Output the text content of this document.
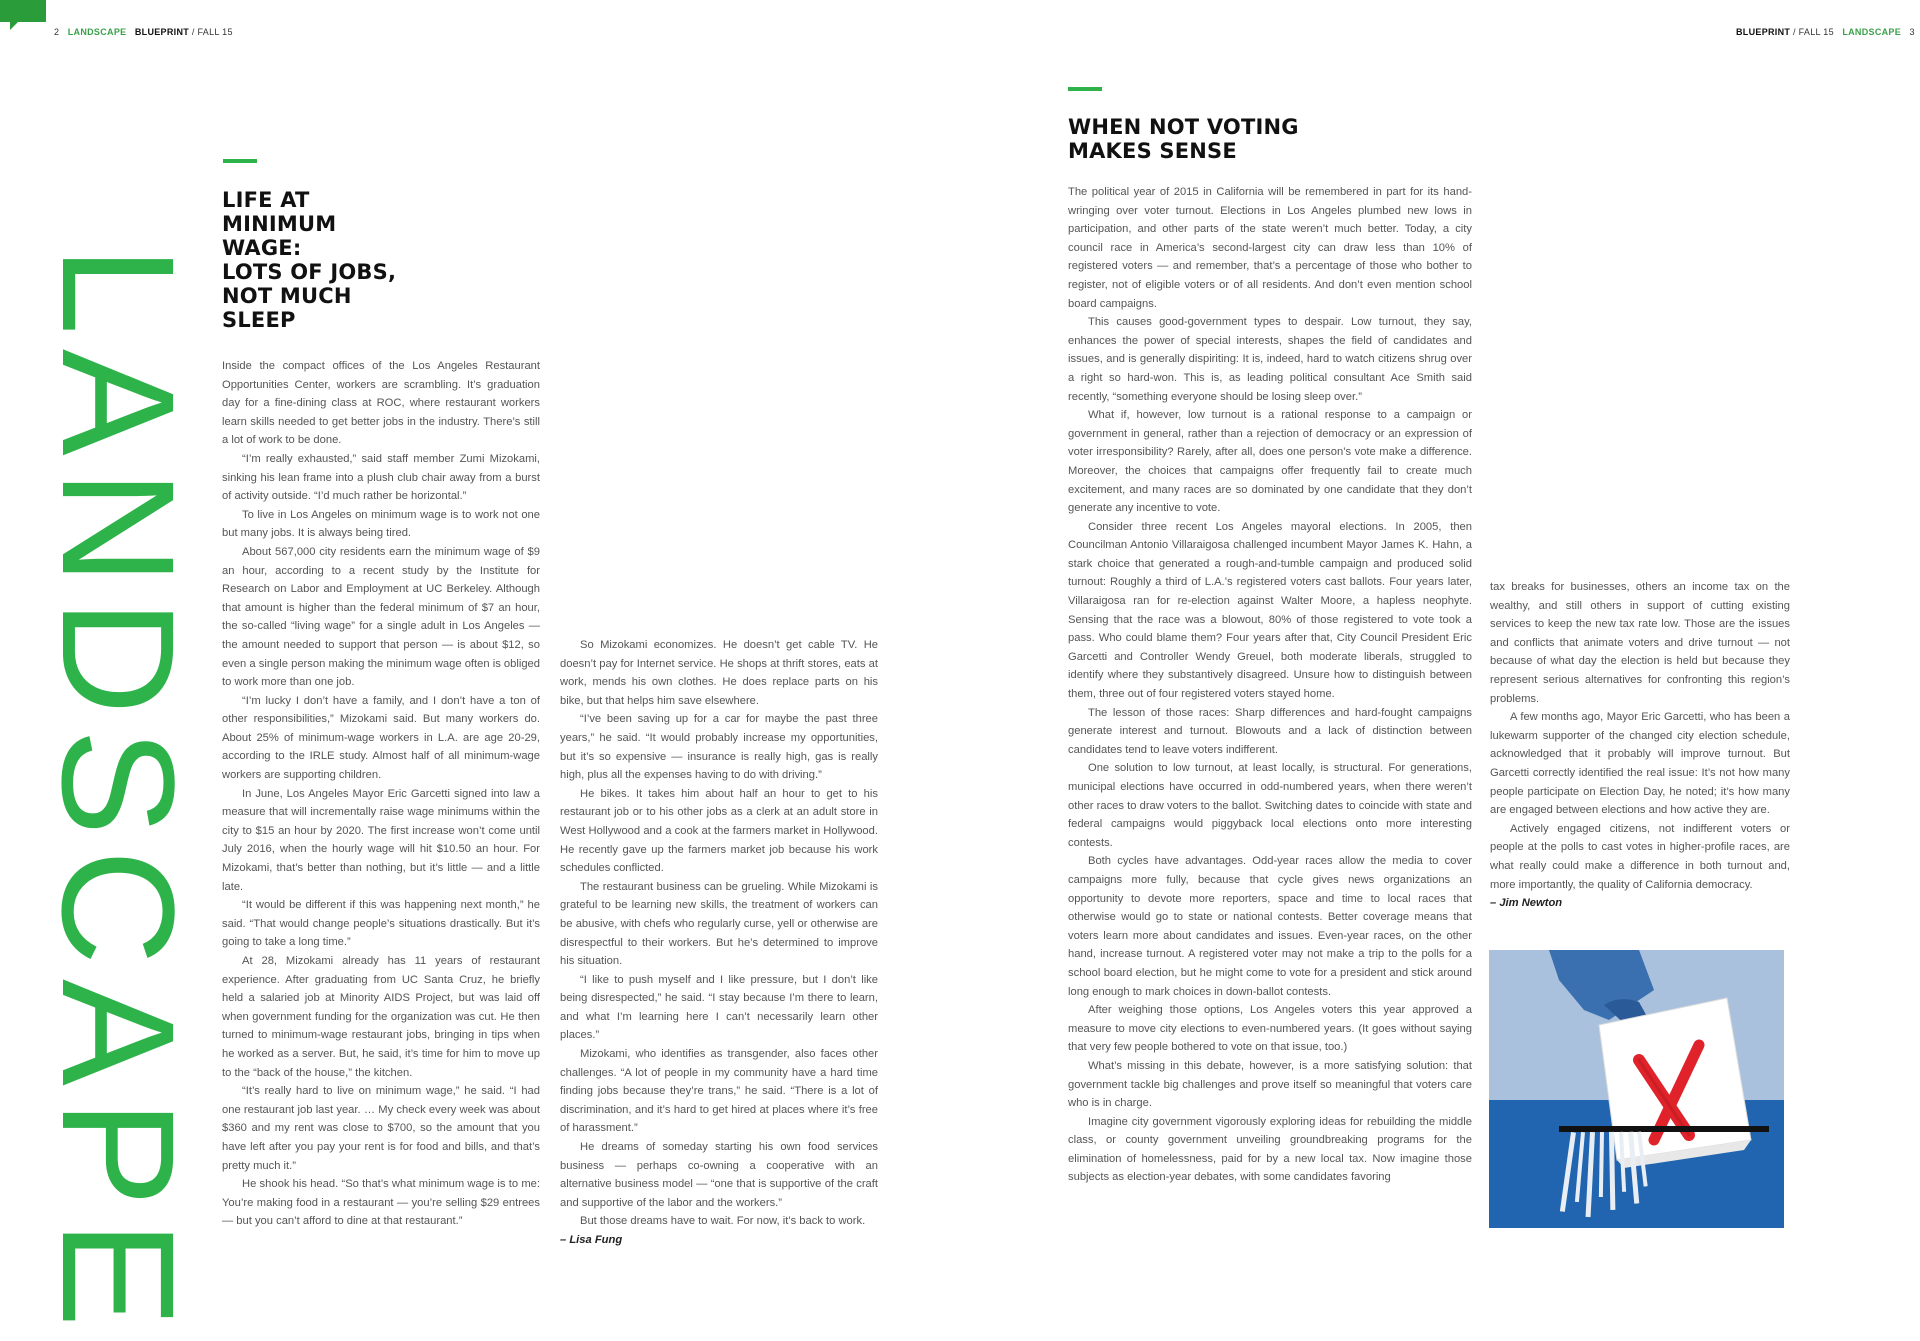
2 LANDSCAPE BLUEPRINT / FALL 15	BLUEPRINT / FALL 15 LANDSCAPE 3
LANDSCAPE
LIFE AT
MINIMUM
WAGE:
LOTS OF JOBS,
NOT MUCH
SLEEP

Inside the compact offices of the Los Angeles Restaurant Opportunities Center, workers are scrambling. It’s graduation day for a fine-dining class at ROC, where restaurant workers learn skills needed to get better jobs in the industry. There’s still a lot of work to be done.

“I’m really exhausted,” said staff member Zumi Mizokami, sinking his lean frame into a plush club chair away from a burst of activity outside. “I’d much rather be horizontal.”

To live in Los Angeles on minimum wage is to work not one but many jobs. It is always being tired.

About 567,000 city residents earn the minimum wage of $9 an hour, according to a recent study by the Institute for Research on Labor and Employment at UC Berkeley. Although that amount is higher than the federal minimum of $7 an hour, the so-called “living wage” for a single adult in Los Angeles — the amount needed to support that person — is about $12, so even a single person making the minimum wage often is obliged to work more than one job.

“I’m lucky I don’t have a family, and I don’t have a ton of other responsibilities,” Mizokami said. But many workers do. About 25% of minimum-wage workers in L.A. are age 20-29, according to the IRLE study. Almost half of all minimum-wage workers are supporting children.

In June, Los Angeles Mayor Eric Garcetti signed into law a measure that will incrementally raise wage minimums within the city to $15 an hour by 2020. The first increase won’t come until July 2016, when the hourly wage will hit $10.50 an hour. For Mizokami, that’s better than nothing, but it’s little — and a little late.

“It would be different if this was happening next month,” he said. “That would change people’s situations drastically. But it’s going to take a long time.”

At 28, Mizokami already has 11 years of restaurant experience. After graduating from UC Santa Cruz, he briefly held a salaried job at Minority AIDS Project, but was laid off when government funding for the organization was cut. He then turned to minimum-wage restaurant jobs, bringing in tips when he worked as a server. But, he said, it’s time for him to move up to the “back of the house,” the kitchen.

“It’s really hard to live on minimum wage,” he said. “I had one restaurant job last year. … My check every week was about $360 and my rent was close to $700, so the amount that you have left after you pay your rent is for food and bills, and that’s pretty much it.”

He shook his head. “So that’s what minimum wage is to me: You’re making food in a restaurant — you’re selling $29 entrees — but you can’t afford to dine at that restaurant.”

So Mizokami economizes. He doesn’t get cable TV. He doesn’t pay for Internet service. He shops at thrift stores, eats at work, mends his own clothes. He does replace parts on his bike, but that helps him save elsewhere.

“I’ve been saving up for a car for maybe the past three years,” he said. “It would probably increase my opportunities, but it’s so expensive — insurance is really high, gas is really high, plus all the expenses having to do with driving.”

He bikes. It takes him about half an hour to get to his restaurant job or to his other jobs as a clerk at an adult store in West Hollywood and a cook at the farmers market in Hollywood. He recently gave up the farmers market job because his work schedules conflicted.

The restaurant business can be grueling. While Mizokami is grateful to be learning new skills, the treatment of workers can be abusive, with chefs who regularly curse, yell or otherwise are disrespectful to their workers. But he’s determined to improve his situation.

“I like to push myself and I like pressure, but I don’t like being disrespected,” he said. “I stay because I’m there to learn, and what I’m learning here I can’t necessarily learn other places.”

Mizokami, who identifies as transgender, also faces other challenges. “A lot of people in my community have a hard time finding jobs because they’re trans,” he said. “There is a lot of discrimination, and it’s hard to get hired at places where it’s free of harassment.”

He dreams of someday starting his own food services business — perhaps co-owning a cooperative with an alternative business model — “one that is supportive of the craft and supportive of the labor and the workers.”

But those dreams have to wait. For now, it’s back to work.

– Lisa Fung

WHEN NOT VOTING
MAKES SENSE

The political year of 2015 in California will be remembered in part for its hand-wringing over voter turnout. Elections in Los Angeles plumbed new lows in participation, and other parts of the state weren’t much better. Today, a city council race in America’s second-largest city can draw less than 10% of registered voters — and remember, that’s a percentage of those who bother to register, not of eligible voters or of all residents. And don’t even mention school board campaigns.

This causes good-government types to despair. Low turnout, they say, enhances the power of special interests, shapes the field of candidates and issues, and is generally dispiriting: It is, indeed, hard to watch citizens shrug over a right so hard-won. This is, as leading political consultant Ace Smith said recently, “something everyone should be losing sleep over.”

What if, however, low turnout is a rational response to a campaign or government in general, rather than a rejection of democracy or an expression of voter irresponsibility? Rarely, after all, does one person’s vote make a difference. Moreover, the choices that campaigns offer frequently fail to create much excitement, and many races are so dominated by one candidate that they don’t generate any incentive to vote.

Consider three recent Los Angeles mayoral elections. In 2005, then Councilman Antonio Villaraigosa challenged incumbent Mayor James K. Hahn, a stark choice that generated a rough-and-tumble campaign and produced solid turnout: Roughly a third of L.A.’s registered voters cast ballots. Four years later, Villaraigosa ran for re-election against Walter Moore, a hapless neophyte. Sensing that the race was a blowout, 80% of those registered to vote took a pass. Who could blame them? Four years after that, City Council President Eric Garcetti and Controller Wendy Greuel, both moderate liberals, struggled to identify where they substantively disagreed. Unsure how to distinguish between them, three out of four registered voters stayed home.

The lesson of those races: Sharp differences and hard-fought campaigns generate interest and turnout. Blowouts and a lack of distinction between candidates tend to leave voters indifferent.

One solution to low turnout, at least locally, is structural. For generations, municipal elections have occurred in odd-numbered years, when there weren’t other races to draw voters to the ballot. Switching dates to coincide with state and federal campaigns would piggyback local elections onto more interesting contests.

Both cycles have advantages. Odd-year races allow the media to cover campaigns more fully, because that cycle gives news organizations an opportunity to devote more reporters, space and time to local races that otherwise would go to state or national contests. Better coverage means that voters learn more about candidates and issues. Even-year races, on the other hand, increase turnout. A registered voter may not make a trip to the polls for a school board election, but he might come to vote for a president and stick around long enough to mark choices in down-ballot contests.

After weighing those options, Los Angeles voters this year approved a measure to move city elections to even-numbered years. (It goes without saying that very few people bothered to vote on that issue, too.)

What’s missing in this debate, however, is a more satisfying solution: that government tackle big challenges and prove itself so meaningful that voters care who is in charge.

Imagine city government vigorously exploring ideas for rebuilding the middle class, or county government unveiling groundbreaking programs for the elimination of homelessness, paid for by a new local tax. Now imagine those subjects as election-year debates, with some candidates favoring

tax breaks for businesses, others an income tax on the wealthy, and still others in support of cutting existing services to keep the new tax rate low. Those are the issues and conflicts that animate voters and drive turnout — not because of what day the election is held but because they represent serious alternatives for confronting this region’s problems.

A few months ago, Mayor Eric Garcetti, who has been a lukewarm supporter of the changed city election schedule, acknowledged that it probably will improve turnout. But Garcetti correctly identified the real issue: It’s not how many people participate on Election Day, he noted; it’s how many are engaged between elections and how active they are.

Actively engaged citizens, not indifferent voters or people at the polls to cast votes in higher-profile races, are what really could make a difference in both turnout and, more importantly, the quality of California democracy.

– Jim Newton
